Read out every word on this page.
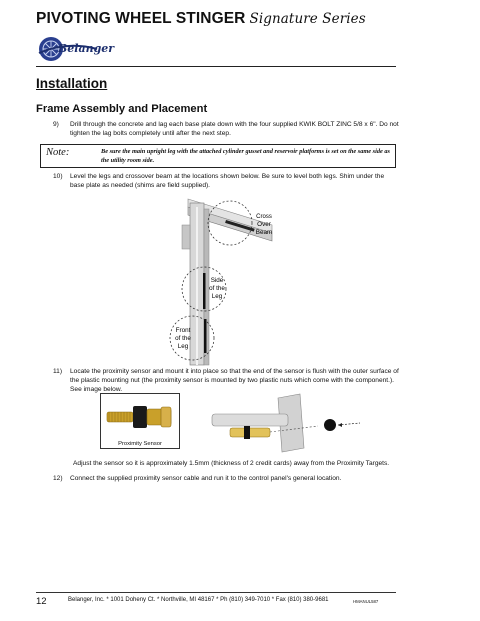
PIVOTING WHEEL STINGER Signature Series
Belanger
Installation
Frame Assembly and Placement
9) Drill through the concrete and lag each base plate down with the four supplied KWIK BOLT ZINC 5/8 x 6". Do not tighten the lag bolts completely until after the next step.
Note:	Be sure the main upright leg with the attached cylinder gusset and reservoir platforms is set on the same side as the utility room side.
10) Level the legs and crossover beam at the locations shown below. Be sure to level both legs. Shim under the base plate as needed (shims are field supplied).
Cross
Over
Beam
Side
of the
Leg
Front
of the
Leg
11) Locate the proximity sensor and mount it into place so that the end of the sensor is flush with the outer surface of the plastic mounting nut (the proximity sensor is mounted by two plastic nuts which come with the component.). See image below.
Proximity Sensor
Adjust the sensor so it is approximately 1.5mm (thickness of 2 credit cards) away from the Proximity Targets.
12) Connect the supplied proximity sensor cable and run it to the control panel's general location.
12	Belanger, Inc. * 1001 Doheny Ct. * Northville, MI 48167 * Ph (810) 349-7010 * Fax (810) 380-9681	HMANUL587
